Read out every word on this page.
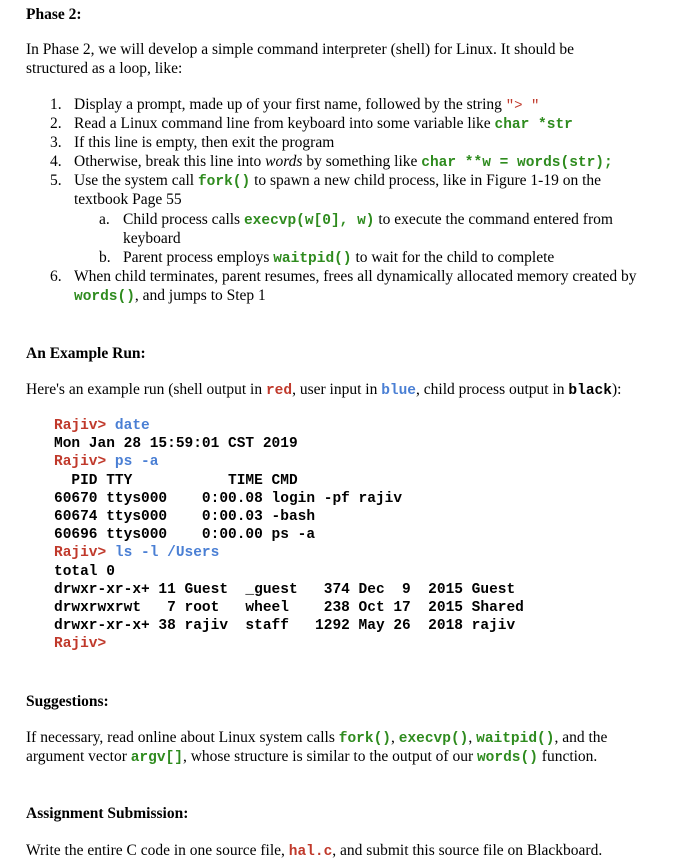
Phase 2:
In Phase 2, we will develop a simple command interpreter (shell) for Linux. It should be
structured as a loop, like:
1. Display a prompt, made up of your first name, followed by the string "> "
2. Read a Linux command line from keyboard into some variable like char *str
3. If this line is empty, then exit the program
4. Otherwise, break this line into words by something like char **w = words(str);
5. Use the system call fork() to spawn a new child process, like in Figure 1-19 on the
textbook Page 55
a. Child process calls execvp(w[0], w) to execute the command entered from
keyboard
b. Parent process employs waitpid() to wait for the child to complete
6. When child terminates, parent resumes, frees all dynamically allocated memory created by
words(), and jumps to Step 1
An Example Run:
Here's an example run (shell output in red, user input in blue, child process output in black):
Rajiv> date
Mon Jan 28 15:59:01 CST 2019
Rajiv> ps -a
PID TTY           TIME CMD
60670 ttys000    0:00.08 login -pf rajiv
60674 ttys000    0:00.03 -bash
60696 ttys000    0:00.00 ps -a
Rajiv> ls -l /Users
total 0
drwxr-xr-x+ 11 Guest  _guest   374 Dec  9  2015 Guest
drwxrwxrwt   7 root   wheel    238 Oct 17  2015 Shared
drwxr-xr-x+ 38 rajiv  staff   1292 May 26  2018 rajiv
Rajiv>
Suggestions:
If necessary, read online about Linux system calls fork(), execvp(), waitpid(), and the
argument vector argv[], whose structure is similar to the output of our words() function.
Assignment Submission:
Write the entire C code in one source file, hal.c, and submit this source file on Blackboard.
